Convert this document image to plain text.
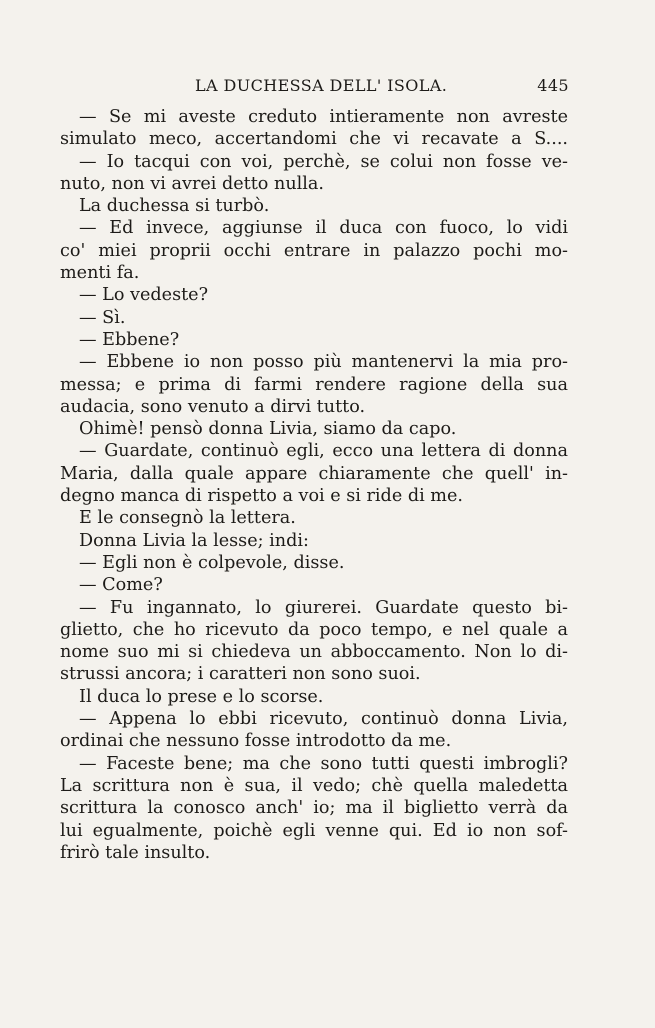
LA DUCHESSA DELL' ISOLA.	445
— Se mi aveste creduto intieramente non avreste
simulato meco, accertandomi che vi recavate a S....
— Io tacqui con voi, perchè, se colui non fosse ve-
nuto, non vi avrei detto nulla.
La duchessa si turbò.
— Ed invece, aggiunse il duca con fuoco, lo vidi
co' miei proprii occhi entrare in palazzo pochi mo-
menti fa.
— Lo vedeste?
— Sì.
— Ebbene?
— Ebbene io non posso più mantenervi la mia pro-
messa; e prima di farmi rendere ragione della sua
audacia, sono venuto a dirvi tutto.
Ohimè! pensò donna Livia, siamo da capo.
— Guardate, continuò egli, ecco una lettera di donna
Maria, dalla quale appare chiaramente che quell' in-
degno manca di rispetto a voi e si ride di me.
E le consegnò la lettera.
Donna Livia la lesse; indi:
— Egli non è colpevole, disse.
— Come?
— Fu ingannato, lo giurerei. Guardate questo bi-
glietto, che ho ricevuto da poco tempo, e nel quale a
nome suo mi si chiedeva un abboccamento. Non lo di-
strussi ancora; i caratteri non sono suoi.
Il duca lo prese e lo scorse.
— Appena lo ebbi ricevuto, continuò donna Livia,
ordinai che nessuno fosse introdotto da me.
— Faceste bene; ma che sono tutti questi imbrogli?
La scrittura non è sua, il vedo; chè quella maledetta
scrittura la conosco anch' io; ma il biglietto verrà da
lui egualmente, poichè egli venne qui. Ed io non sof-
frirò tale insulto.
